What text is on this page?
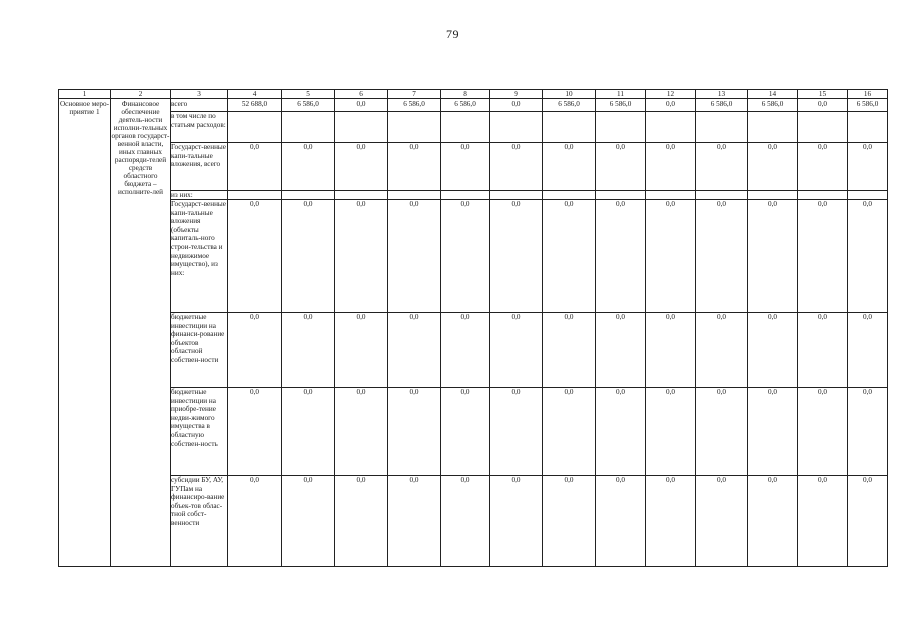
79
1	2	3	4	5	6	7	8	9	10	11	12	13	14	15	16
Основное меро-приятие 1	Финансовое обеспечение деятель-ности исполни-тельных органов государст-венной власти, иных главных распоряди-телей средств областного бюджета – исполните-лей	всего	52 688,0	6 586,0	0,0	6 586,0	6 586,0	0,0	6 586,0	6 586,0	0,0	6 586,0	6 586,0	0,0	6 586,0
		в том числе по статьям расходов:													
		Государст-венные капи-тальные вложения, всего	0,0	0,0	0,0	0,0	0,0	0,0	0,0	0,0	0,0	0,0	0,0	0,0	0,0
		из них:													
		Государст-венные капи-тальные вложения (объекты капиталь-ного строи-тельства и недвижимое имущество), из них:	0,0	0,0	0,0	0,0	0,0	0,0	0,0	0,0	0,0	0,0	0,0	0,0	0,0
		бюджетные инвестиции на финанси-рование объектов областной собствен-ности	0,0	0,0	0,0	0,0	0,0	0,0	0,0	0,0	0,0	0,0	0,0	0,0	0,0
		бюджетные инвестиции на приобре-тение недви-жимого имущества в областную собствен-ность	0,0	0,0	0,0	0,0	0,0	0,0	0,0	0,0	0,0	0,0	0,0	0,0	0,0
		субсидии БУ, АУ, ГУПам на финансиро-вание объек-тов облас-тной собст-венности	0,0	0,0	0,0	0,0	0,0	0,0	0,0	0,0	0,0	0,0	0,0	0,0	0,0
